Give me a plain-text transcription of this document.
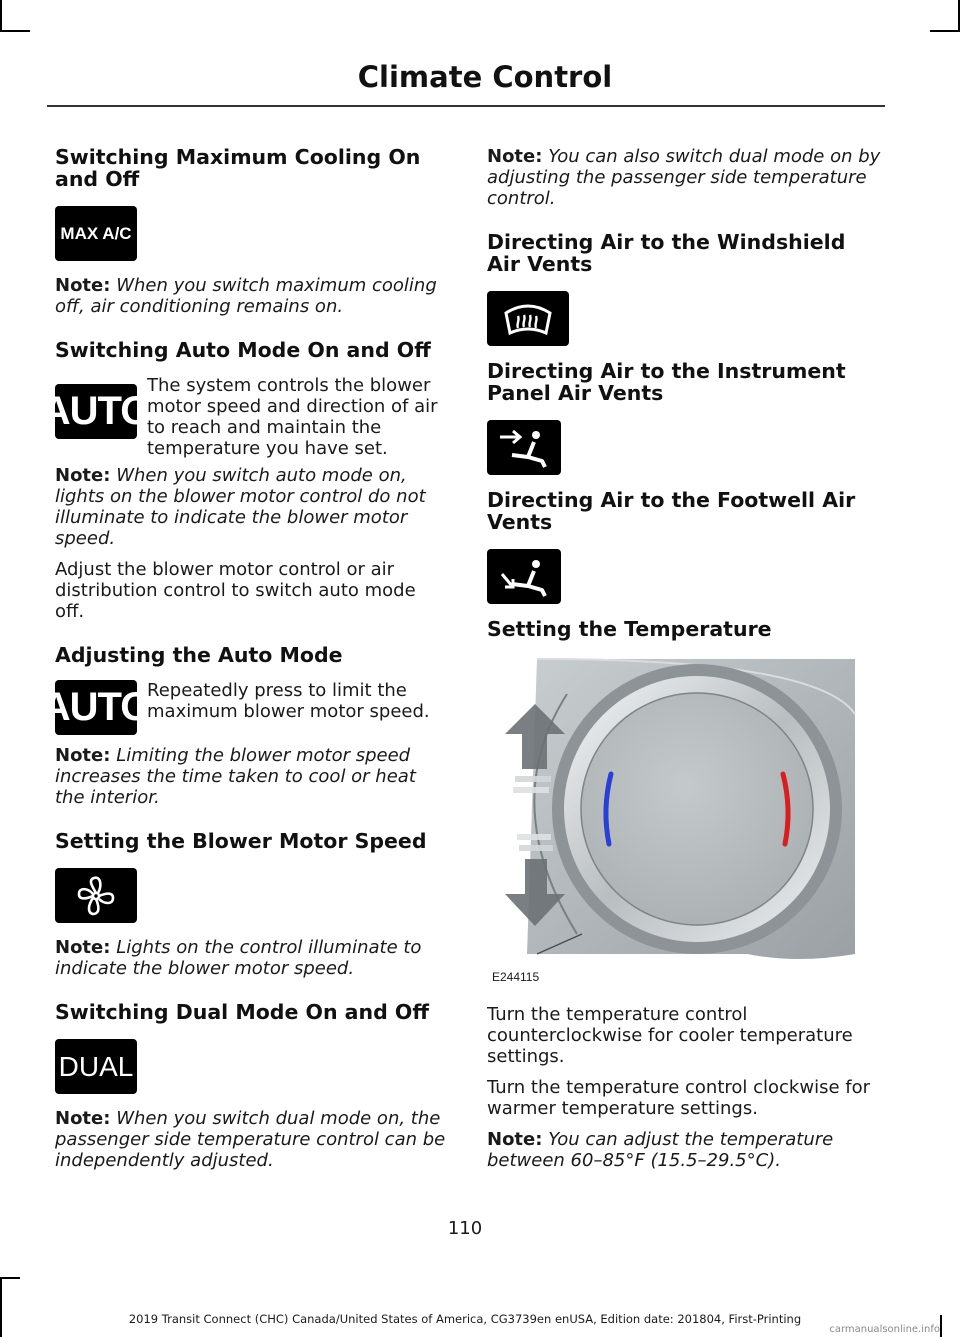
Climate Control
Switching Maximum Cooling On and Off
MAX A/C
Note: When you switch maximum cooling off, air conditioning remains on.
Switching Auto Mode On and Off
AUTO
The system controls the blower motor speed and direction of air to reach and maintain the temperature you have set.
Note: When you switch auto mode on, lights on the blower motor control do not illuminate to indicate the blower motor speed.
Adjust the blower motor control or air distribution control to switch auto mode off.
Adjusting the Auto Mode
AUTO
Repeatedly press to limit the maximum blower motor speed.
Note: Limiting the blower motor speed increases the time taken to cool or heat the interior.
Setting the Blower Motor Speed
Note: Lights on the control illuminate to indicate the blower motor speed.
Switching Dual Mode On and Off
DUAL
Note: When you switch dual mode on, the passenger side temperature control can be independently adjusted.
Note: You can also switch dual mode on by adjusting the passenger side temperature control.
Directing Air to the Windshield Air Vents
Directing Air to the Instrument Panel Air Vents
Directing Air to the Footwell Air Vents
Setting the Temperature
E244115
Turn the temperature control counterclockwise for cooler temperature settings.
Turn the temperature control clockwise for warmer temperature settings.
Note: You can adjust the temperature between 60–85°F (15.5–29.5°C).
110
2019 Transit Connect (CHC) Canada/United States of America, CG3739en enUSA, Edition date: 201804, First-Printing
carmanualsonline.info
